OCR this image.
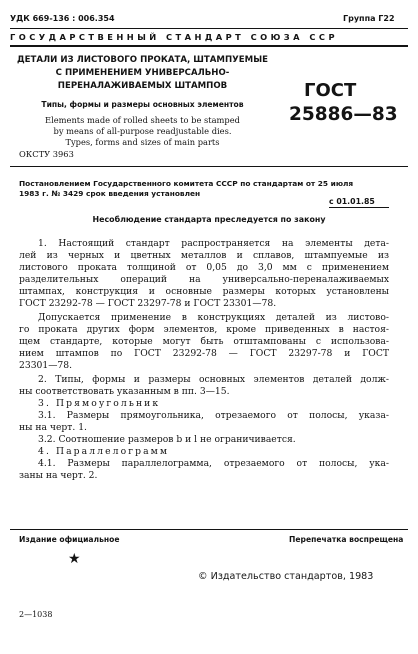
УДК 669-136 : 006.354	Группа Г22
ГОСУДАРСТВЕННЫЙ СТАНДАРТ СОЮЗА ССР
ДЕТАЛИ ИЗ ЛИСТОВОГО ПРОКАТА, ШТАМПУЕМЫЕ
С ПРИМЕНЕНИЕМ УНИВЕРСАЛЬНО-
ПЕРЕНАЛАЖИВАЕМЫХ ШТАМПОВ
Типы, формы и размеры основных элементов
Elements made of rolled sheets to be stamped
by means of all-purpose readjustable dies.
Types, forms and sizes of main parts
ГОСТ
25886—83
ОКСТУ 3963
Постановлением Государственного комитета СССР по стандартам от 25 июля
1983 г. № 3429 срок введения установлен
с 01.01.85
Несоблюдение стандарта преследуется по закону
1. Настоящий стандарт распространяется на элементы дета-
лей из черных и цветных металлов и сплавов, штампуемые из
листового проката толщиной от 0,05 до 3,0 мм с применением
разделительных операций на универсально-переналаживаемых
штампах, конструкция и основные размеры которых установлены
ГОСТ 23292-78 — ГОСТ 23297-78 и ГОСТ 23301—78.
Допускается применение в конструкциях деталей из листово-
го проката других форм элементов, кроме приведенных в настоя-
щем стандарте, которые могут быть отштампованы с использова-
нием штампов по ГОСТ 23292-78 — ГОСТ 23297-78 и ГОСТ
23301—78.
2. Типы, формы и размеры основных элементов деталей долж-
ны соответствовать указанным в пп. 3—15.
3. Прямоугольник
3.1. Размеры прямоугольника, отрезаемого от полосы, указа-
ны на черт. 1.
3.2. Соотношение размеров b и l не ограничивается.
4. Параллелограмм
4.1. Размеры параллелограмма, отрезаемого от полосы, ука-
заны на черт. 2.
Издание официальное	Перепечатка воспрещена
★
© Издательство стандартов, 1983
2—1038
